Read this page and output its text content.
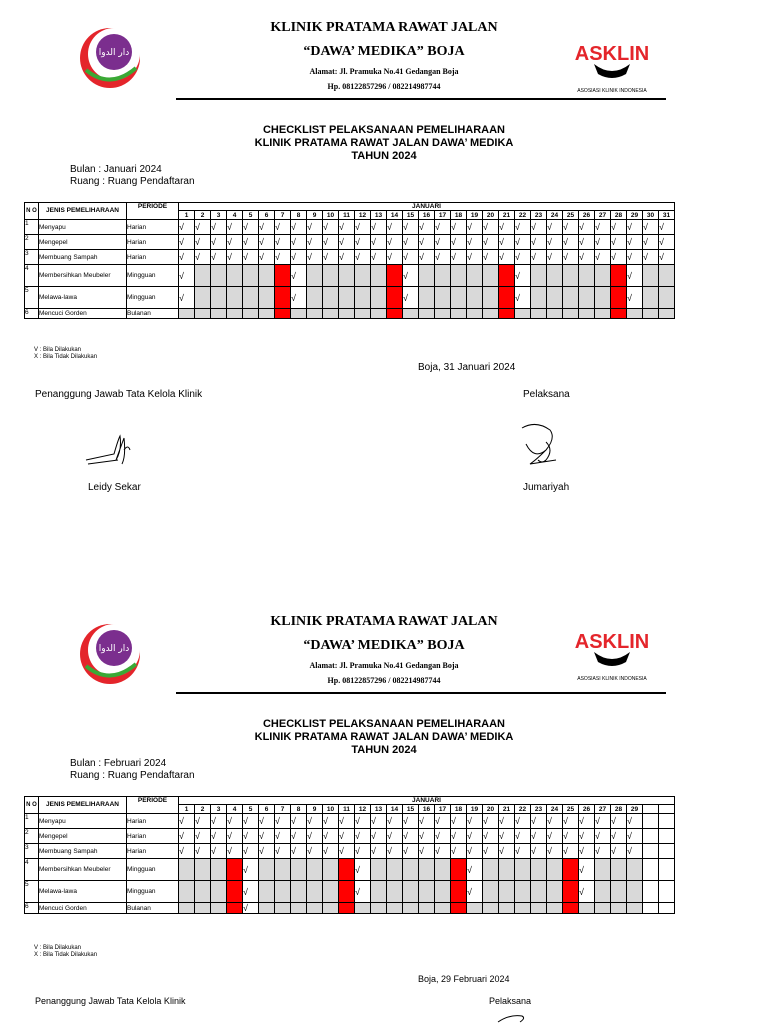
دار الدوا
KLINIK PRATAMA RAWAT JALAN
“DAWA’ MEDIKA” BOJA
Alamat: Jl. Pramuka No.41 Gedangan Boja
Hp. 08122857296 / 082214987744
ASKLIN
ASOSIASI KLINIK INDONESIA
CHECKLIST PELAKSANAAN PEMELIHARAAN
KLINIK PRATAMA RAWAT JALAN DAWA’ MEDIKA
TAHUN 2024
Bulan : Januari 2024
Ruang : Ruang Pendaftaran
N O	JENIS PEMELIHARAAN	PERIODE	JANUARI																														
			1	2	3	4	5	6	7	8	9	10	11	12	13	14	15	16	17	18	19	20	21	22	23	24	25	26	27	28	29	30	31
1	Menyapu	Harian	√	√	√	√	√	√	√	√	√	√	√	√	√	√	√	√	√	√	√	√	√	√	√	√	√	√	√	√	√	√	√
2	Mengepel	Harian	√	√	√	√	√	√	√	√	√	√	√	√	√	√	√	√	√	√	√	√	√	√	√	√	√	√	√	√	√	√	√
3	Membuang Sampah	Harian	√	√	√	√	√	√	√	√	√	√	√	√	√	√	√	√	√	√	√	√	√	√	√	√	√	√	√	√	√	√	√
4	Membersihkan Meubeler	Mingguan	√							√							√							√							√		
5	Melawa-lawa	Mingguan	√							√							√							√							√		
6	Mencuci Gorden	Bulanan																															
V : Bila Dilakukan
X : Bila Tidak Dilakukan
Boja, 31 Januari 2024
Penanggung Jawab Tata Kelola Klinik	Pelaksana
Leidy Sekar	Jumariyah
دار الدوا
KLINIK PRATAMA RAWAT JALAN
“DAWA’ MEDIKA” BOJA
Alamat: Jl. Pramuka No.41 Gedangan Boja
Hp. 08122857296 / 082214987744
ASKLIN
ASOSIASI KLINIK INDONESIA
CHECKLIST PELAKSANAAN PEMELIHARAAN
KLINIK PRATAMA RAWAT JALAN DAWA’ MEDIKA
TAHUN 2024
Bulan : Februari 2024
Ruang : Ruang Pendaftaran
N O	JENIS PEMELIHARAAN	PERIODE	JANUARI																														
			1	2	3	4	5	6	7	8	9	10	11	12	13	14	15	16	17	18	19	20	21	22	23	24	25	26	27	28	29		
1	Menyapu	Harian	√	√	√	√	√	√	√	√	√	√	√	√	√	√	√	√	√	√	√	√	√	√	√	√	√	√	√	√	√		
2	Mengepel	Harian	√	√	√	√	√	√	√	√	√	√	√	√	√	√	√	√	√	√	√	√	√	√	√	√	√	√	√	√	√		
3	Membuang Sampah	Harian	√	√	√	√	√	√	√	√	√	√	√	√	√	√	√	√	√	√	√	√	√	√	√	√	√	√	√	√	√		
4	Membersihkan Meubeler	Mingguan					√							√							√							√					
5	Melawa-lawa	Mingguan					√							√							√							√					
6	Mencuci Gorden	Bulanan					√																										
V : Bila Dilakukan
X : Bila Tidak Dilakukan
Boja, 29 Februari 2024
Penanggung Jawab Tata Kelola Klinik	Pelaksana
